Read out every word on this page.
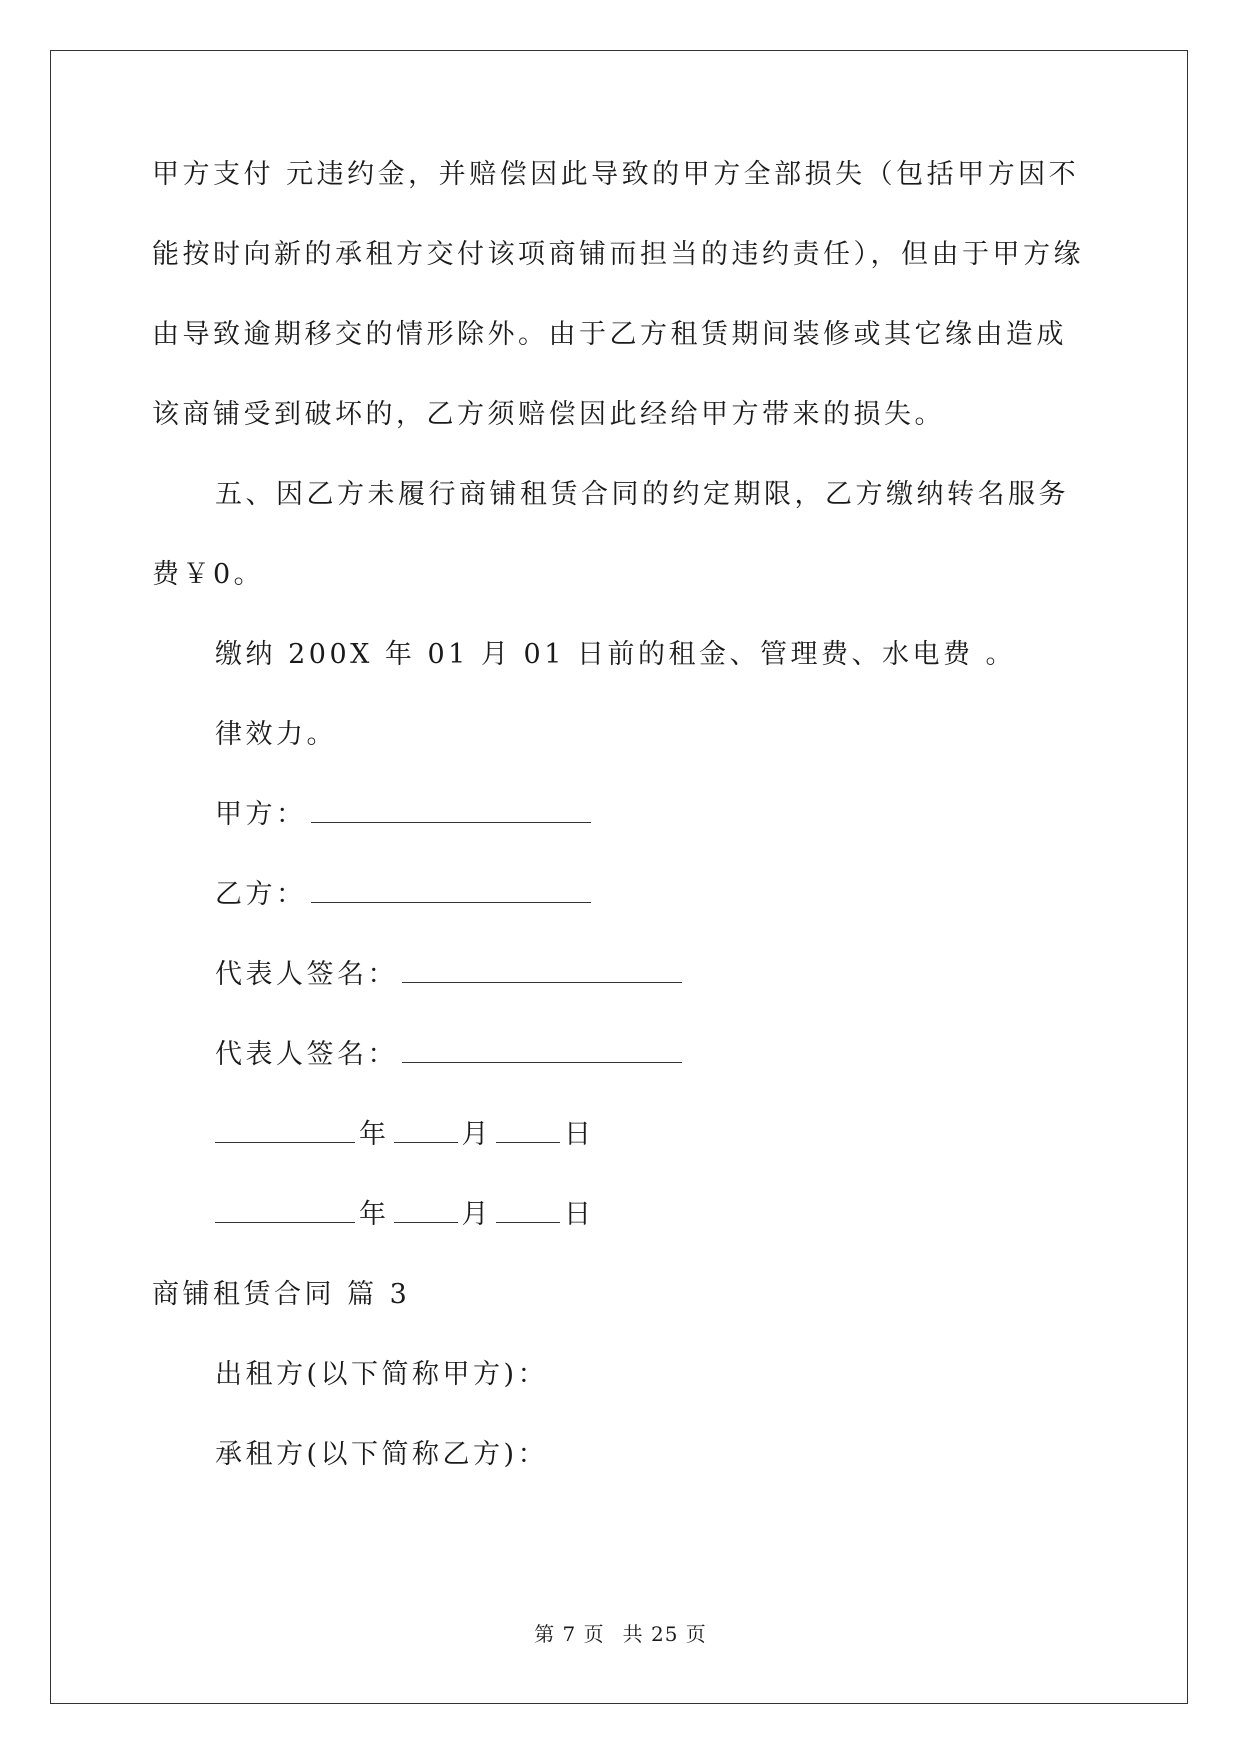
甲方支付 元违约金，并赔偿因此导致的甲方全部损失（包括甲方因不
能按时向新的承租方交付该项商铺而担当的违约责任），但由于甲方缘
由导致逾期移交的情形除外。由于乙方租赁期间装修或其它缘由造成
该商铺受到破坏的，乙方须赔偿因此经给甲方带来的损失。
五、因乙方未履行商铺租赁合同的约定期限，乙方缴纳转名服务
费￥0。
缴纳 200X 年 01 月 01 日前的租金、管理费、水电费 。
律效力。
甲方：
乙方：
代表人签名：
代表人签名：
年	月	日
年	月	日
商铺租赁合同 篇 3
出租方(以下简称甲方)：
承租方(以下简称乙方)：
第 7 页 共 25 页
